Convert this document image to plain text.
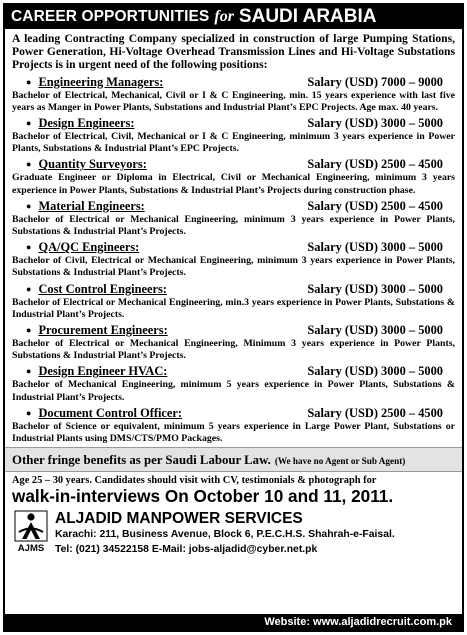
CAREER OPPORTUNITIES for SAUDI ARABIA
A leading Contracting Company specialized in construction of large Pumping Stations, Power Generation, Hi-Voltage Overhead Transmission Lines and Hi-Voltage Substations Projects is in urgent need of the following positions:
● Engineering Managers:	Salary (USD) 7000 – 9000
Bachelor of Electrical, Mechanical, Civil or I & C Engineering, min. 15 years experience with last five years as Manger in Power Plants, Substations and Industrial Plant’s EPC Projects. Age max. 40 years.
● Design Engineers:	Salary (USD) 3000 – 5000
Bachelor of Electrical, Civil, Mechanical or I & C Engineering, minimum 3 years experience in Power Plants, Substations & Industrial Plant’s EPC Projects.
● Quantity Surveyors:	Salary (USD) 2500 – 4500
Graduate Engineer or Diploma in Electrical, Civil or Mechanical Engineering, minimum 3 years experience in Power Plants, Substations & Industrial Plant’s Projects during construction phase.
● Material Engineers:	Salary (USD) 2500 – 4500
Bachelor of Electrical or Mechanical Engineering, minimum 3 years experience in Power Plants, Substations & Industrial Plant’s Projects.
● QA/QC Engineers:	Salary (USD) 3000 – 5000
Bachelor of Civil, Electrical or Mechanical Engineering, minimum 3 years experience in Power Plants, Substations & Industrial Plant’s Projects.
● Cost Control Engineers:	Salary (USD) 3000 – 5000
Bachelor of Electrical or Mechanical Engineering, min.3 years experience in Power Plants, Substations & Industrial Plant’s Projects.
● Procurement Engineers:	Salary (USD) 3000 – 5000
Bachelor of Electrical or Mechanical Engineering, Minimum 3 years experience in Power Plants, Substations & Industrial Plant’s Projects.
● Design Engineer HVAC:	Salary (USD) 3000 – 5000
Bachelor of Mechanical Engineering, minimum 5 years experience in Power Plants, Substations & Industrial Plant’s Projects.
● Document Control Officer:	Salary (USD) 2500 – 4500
Bachelor of Science or equivalent, minimum 5 years experience in Large Power Plant, Substations or Industrial Plants using DMS/CTS/PMO Packages.
Other fringe benefits as per Saudi Labour Law. (We have no Agent or Sub Agent)
Age 25 – 30 years. Candidates should visit with CV, testimonials & photograph for
walk-in-interviews On October 10 and 11, 2011.
AJMS
ALJADID MANPOWER SERVICES
Karachi: 211, Business Avenue, Block 6, P.E.C.H.S. Shahrah-e-Faisal.
Tel: (021) 34522158 E-Mail: jobs-aljadid@cyber.net.pk
Website: www.aljadidrecruit.com.pk
